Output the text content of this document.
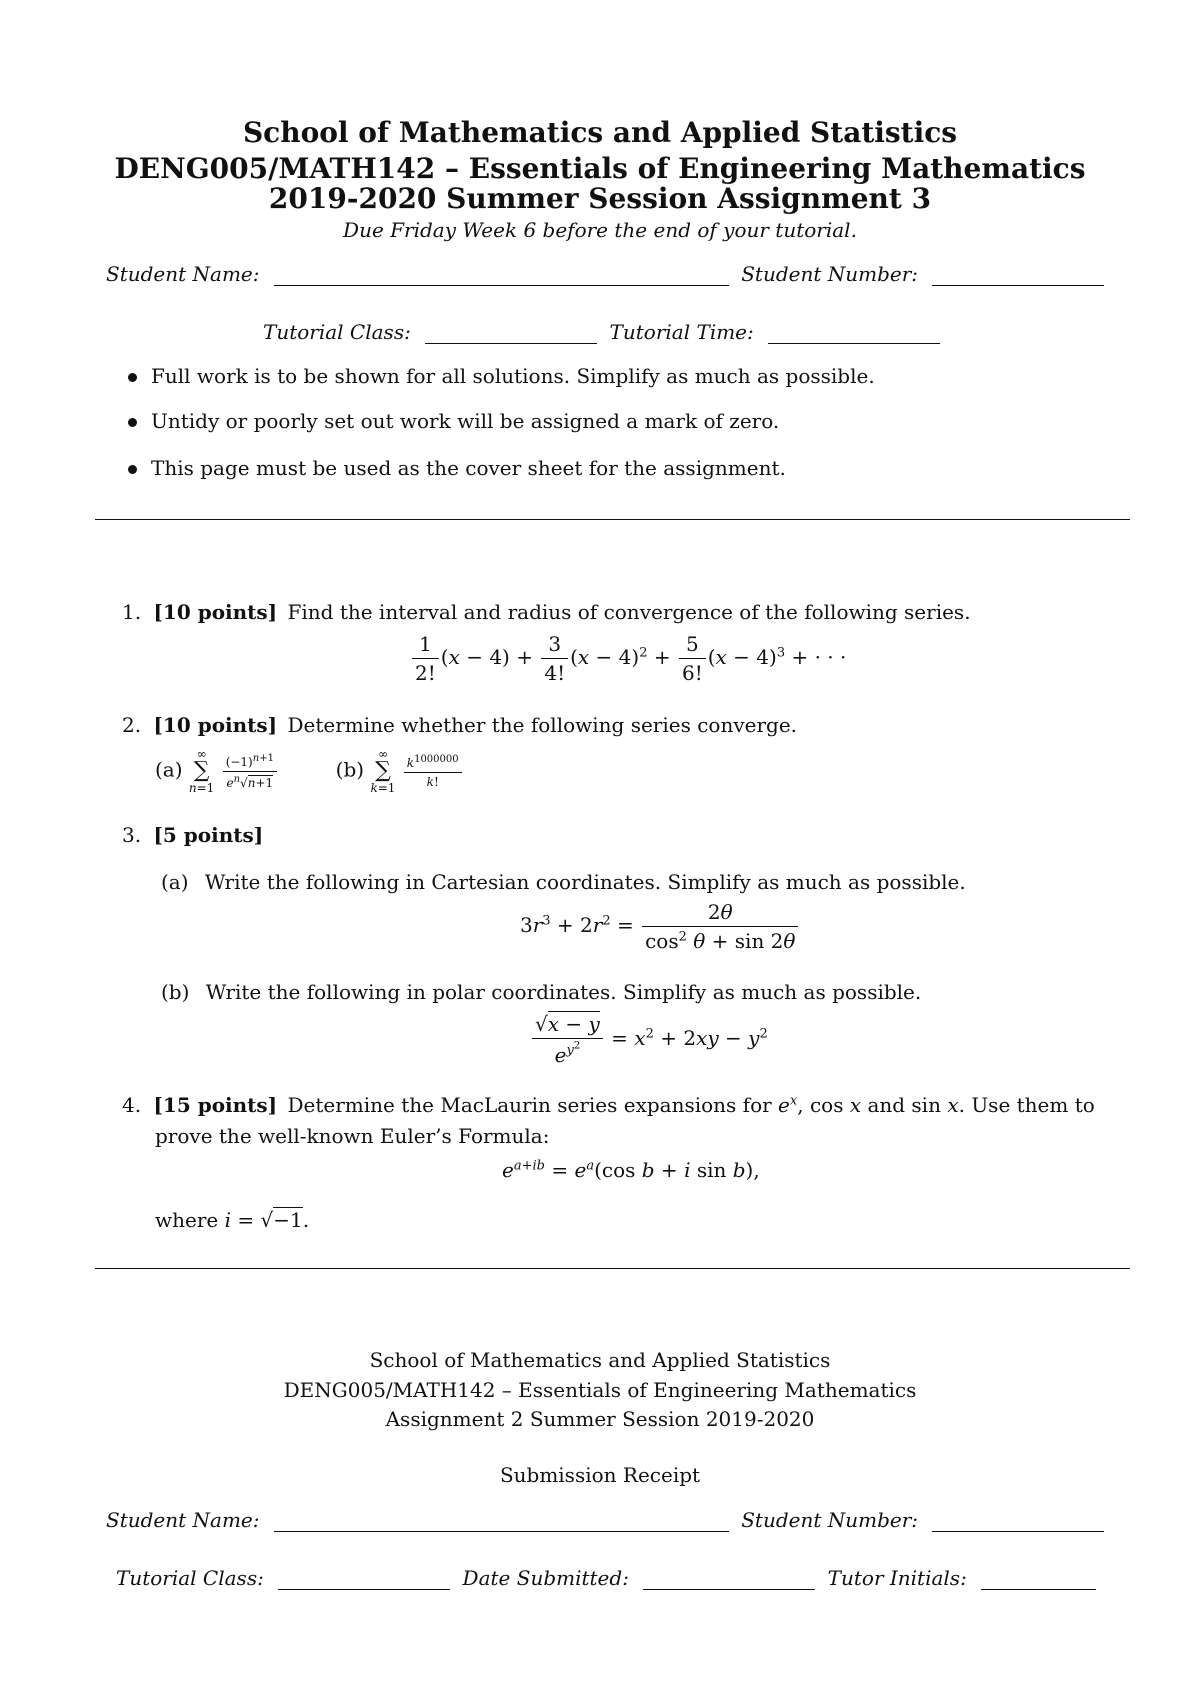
School of Mathematics and Applied Statistics
DENG005/MATH142 – Essentials of Engineering Mathematics
2019-2020 Summer Session Assignment 3
Due Friday Week 6 before the end of your tutorial.
Student Name:	Student Number:
Tutorial Class:	Tutorial Time:
Full work is to be shown for all solutions. Simplify as much as possible.
Untidy or poorly set out work will be assigned a mark of zero.
This page must be used as the cover sheet for the assignment.
1. [10 points] Find the interval and radius of convergence of the following series.
$\frac{1}{2!} (x - 4) + \frac{3}{4!} (x - 4)^2 + \frac{5}{6!} (x - 4)^3$ + · · ·
2. [10 points] Determine whether the following series converge.
(a)
∞
∑
n=1
$\frac{(-1)^{n+1}}{e^n√n+1}$	(b)
∞
∑
k=1
$\frac{k^{1000000}}{k!}$
3. [5 points]
(a) Write the following in Cartesian coordinates. Simplify as much as possible.
$3r^3 + 2r^2 = \frac{2\theta}{\cos^2 \theta + \sin 2\theta}$
(b) Write the following in polar coordinates. Simplify as much as possible.
$\frac{√x - y}{e^{y^2}} = x^2 + 2xy - y^2$
4. [15 points] Determine the MacLaurin series expansions for $e^x$, cos x and sin x. Use them to
prove the well-known Euler’s Formula:
$e^{a+ib} = e^a(\cos$ b + i sin b),
where i = √−1.
School of Mathematics and Applied Statistics
DENG005/MATH142 – Essentials of Engineering Mathematics
Assignment 2 Summer Session 2019-2020
Submission Receipt
Student Name:	Student Number:
Tutorial Class:	Date Submitted:	Tutor Initials:
